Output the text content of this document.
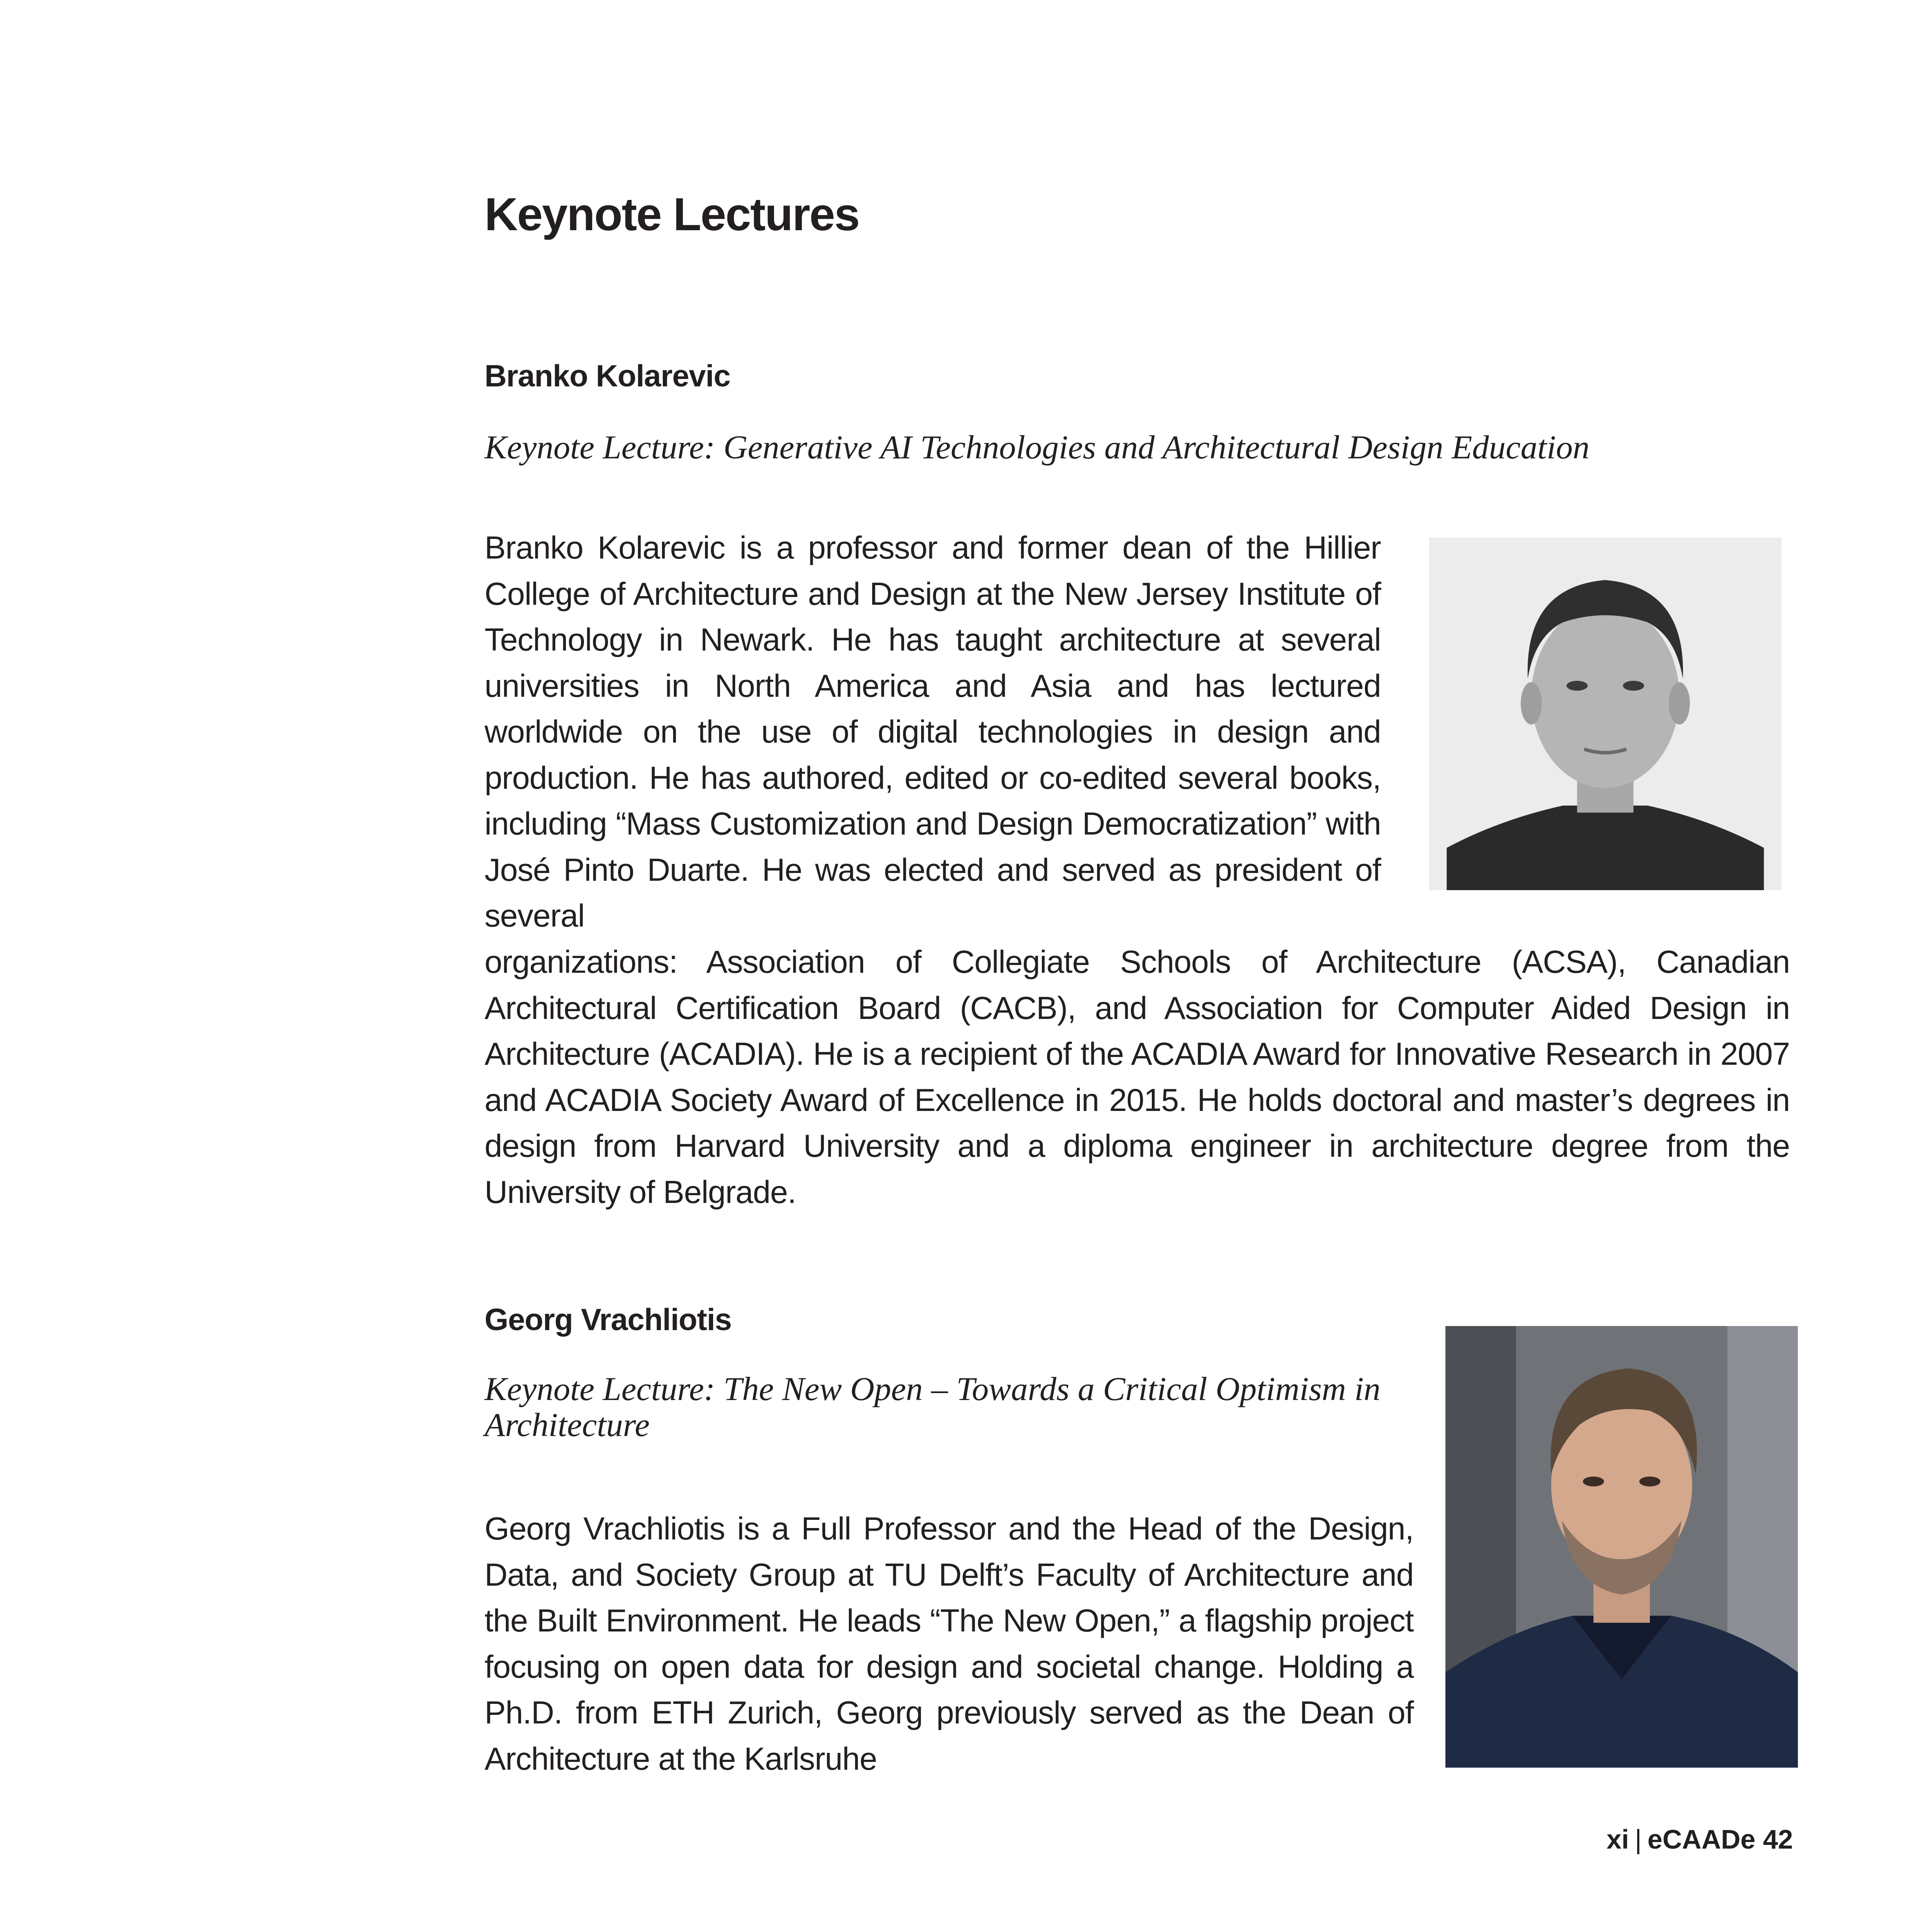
Keynote Lectures
Branko Kolarevic

Keynote Lecture: Generative AI Technologies and Architectural Design Education

Branko Kolarevic is a professor and former dean of the Hillier College of Architecture and Design at the New Jersey Institute of Technology in Newark. He has taught architecture at several universities in North America and Asia and has lectured worldwide on the use of digital technologies in design and production. He has authored, edited or co-edited several books, including “Mass Customization and Design Democratization” with José Pinto Duarte. He was elected and served as president of several

organizations: Association of Collegiate Schools of Architecture (ACSA), Canadian Architectural Certification Board (CACB), and Association for Computer Aided Design in Architecture (ACADIA). He is a recipient of the ACADIA Award for Innovative Research in 2007 and ACADIA Society Award of Excellence in 2015. He holds doctoral and master’s degrees in design from Harvard University and a diploma engineer in architecture degree from the University of Belgrade.

Georg Vrachliotis

Keynote Lecture: The New Open – Towards a Critical Optimism in Architecture

Georg Vrachliotis is a Full Professor and the Head of the Design, Data, and Society Group at TU Delft’s Faculty of Architecture and the Built Environment. He leads “The New Open,” a flagship project focusing on open data for design and societal change. Holding a Ph.D. from ETH Zurich, Georg previously served as the Dean of Architecture at the Karlsruhe

xi | eCAADe 42
